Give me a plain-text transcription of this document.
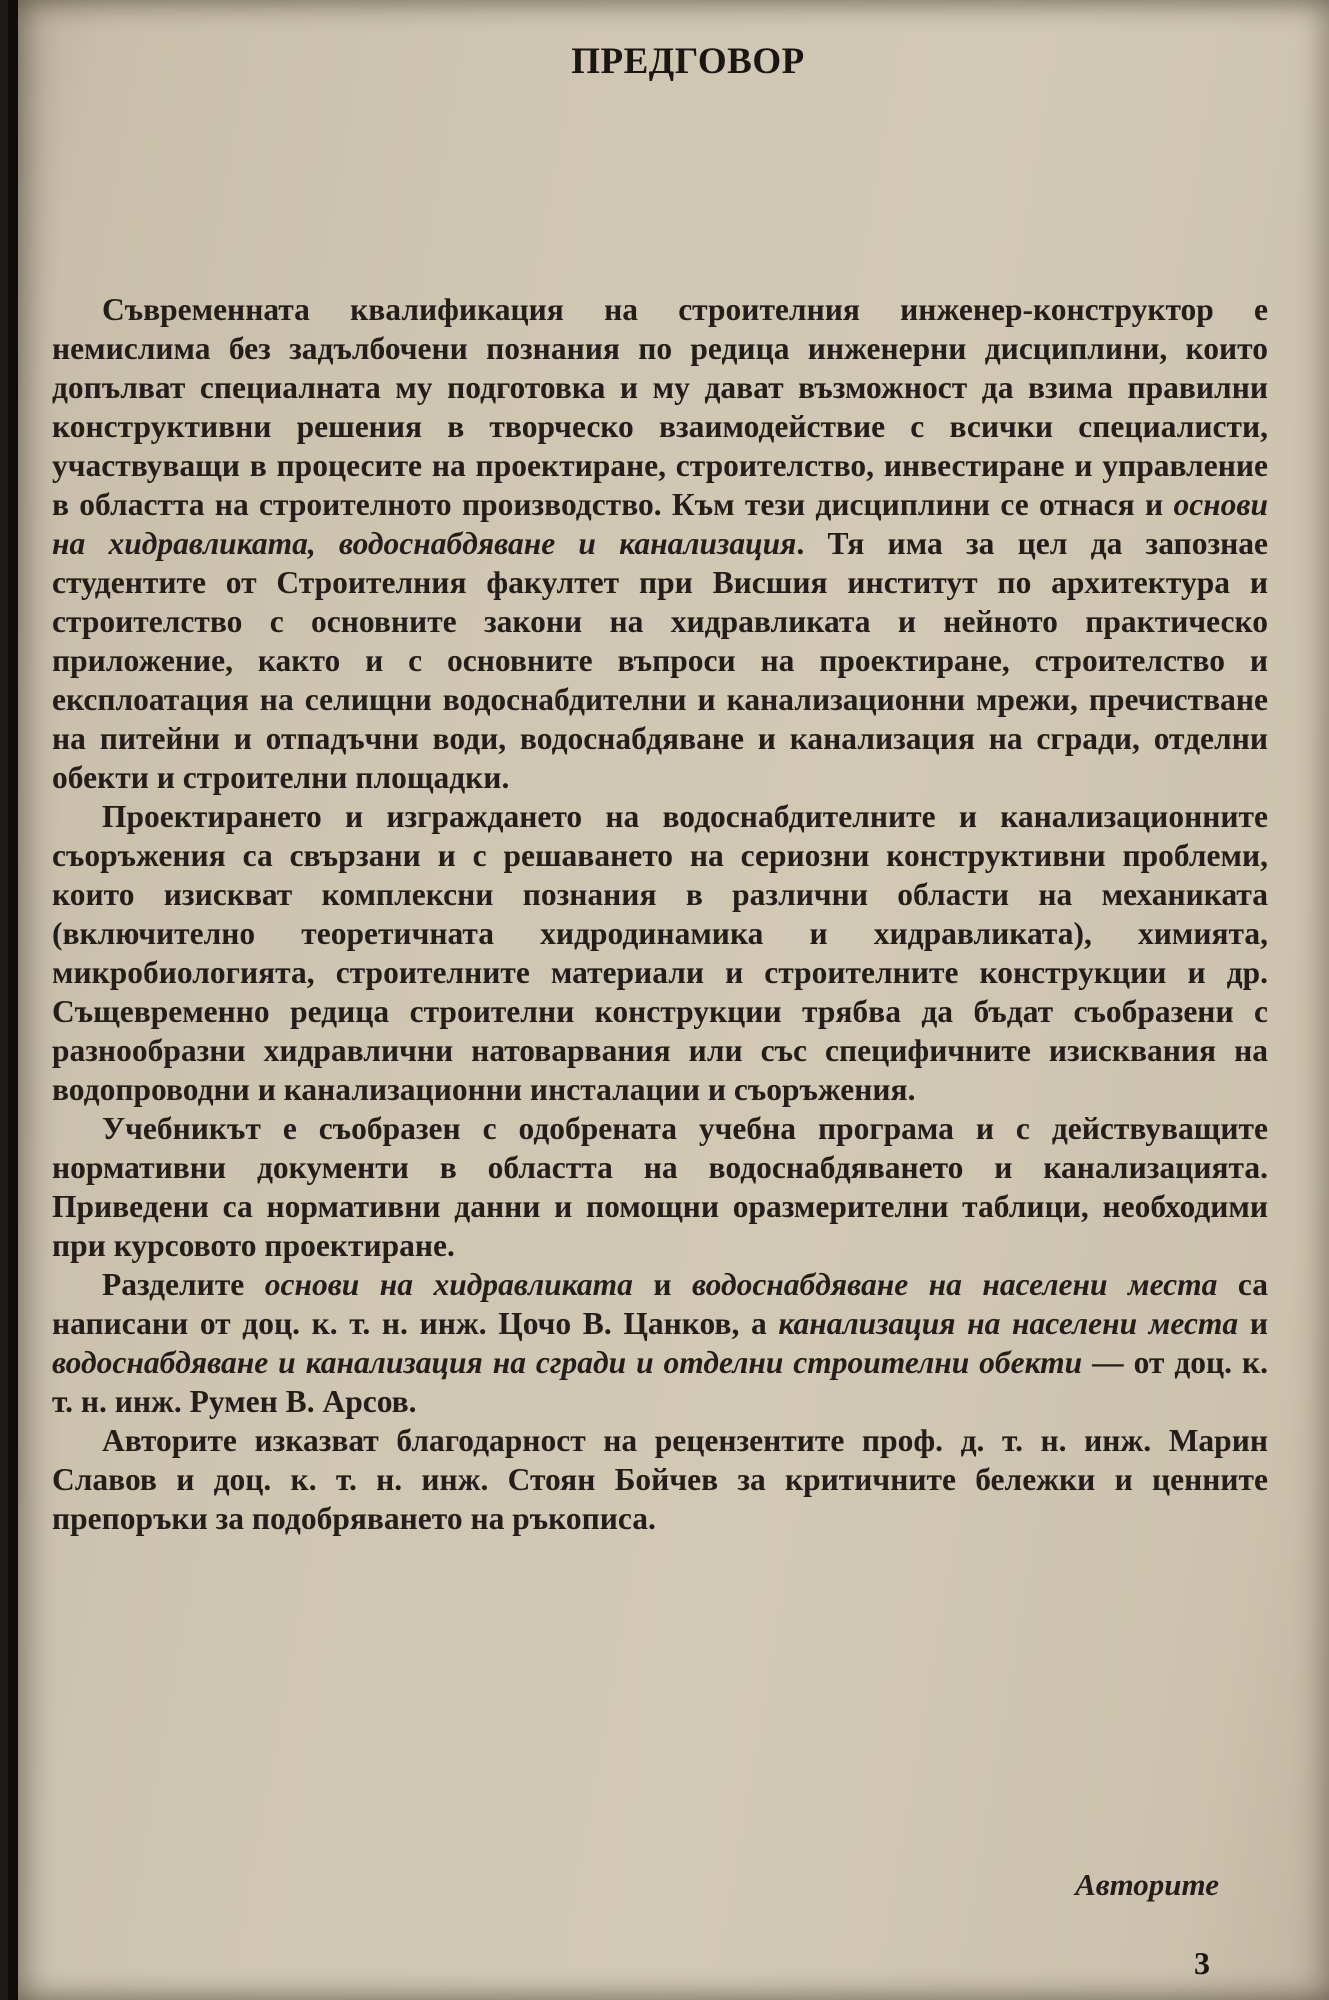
ПРЕДГОВОР

Съвременната квалификация на строителния инженер-конструктор е немислима без задълбочени познания по редица инженерни дисциплини, които допълват специалната му подготовка и му дават възможност да взима правилни конструктивни решения в творческо взаимодействие с всички специалисти, участвуващи в процесите на проектиране, строителство, инвестиране и управление в областта на строителното производство. Към тези дисциплини се отнася и основи на хидравликата, водоснабдяване и канализация. Тя има за цел да запознае студентите от Строителния факултет при Висшия институт по архитектура и строителство с основните закони на хидравликата и нейното практическо приложение, както и с основните въпроси на проектиране, строителство и експлоатация на селищни водоснабдителни и канализационни мрежи, пречистване на питейни и отпадъчни води, водоснабдяване и канализация на сгради, отделни обекти и строителни площадки.

Проектирането и изграждането на водоснабдителните и канализационните съоръжения са свързани и с решаването на сериозни конструктивни проблеми, които изискват комплексни познания в различни области на механиката (включително теоретичната хидродинамика и хидравликата), химията, микробиологията, строителните материали и строителните конструкции и др. Същевременно редица строителни конструкции трябва да бъдат съобразени с разнообразни хидравлични натоварвания или със специфичните изисквания на водопроводни и канализационни инсталации и съоръжения.

Учебникът е съобразен с одобрената учебна програма и с действуващите нормативни документи в областта на водоснабдяването и канализацията. Приведени са нормативни данни и помощни оразмерителни таблици, необходими при курсовото проектиране.

Разделите основи на хидравликата и водоснабдяване на населени места са написани от доц. к. т. н. инж. Цочо В. Цанков, а канализация на населени места и водоснабдяване и канализация на сгради и отделни строителни обекти — от доц. к. т. н. инж. Румен В. Арсов.

Авторите изказват благодарност на рецензентите проф. д. т. н. инж. Марин Славов и доц. к. т. н. инж. Стоян Бойчев за критичните бележки и ценните препоръки за подобряването на ръкописа.

Авторите
3
